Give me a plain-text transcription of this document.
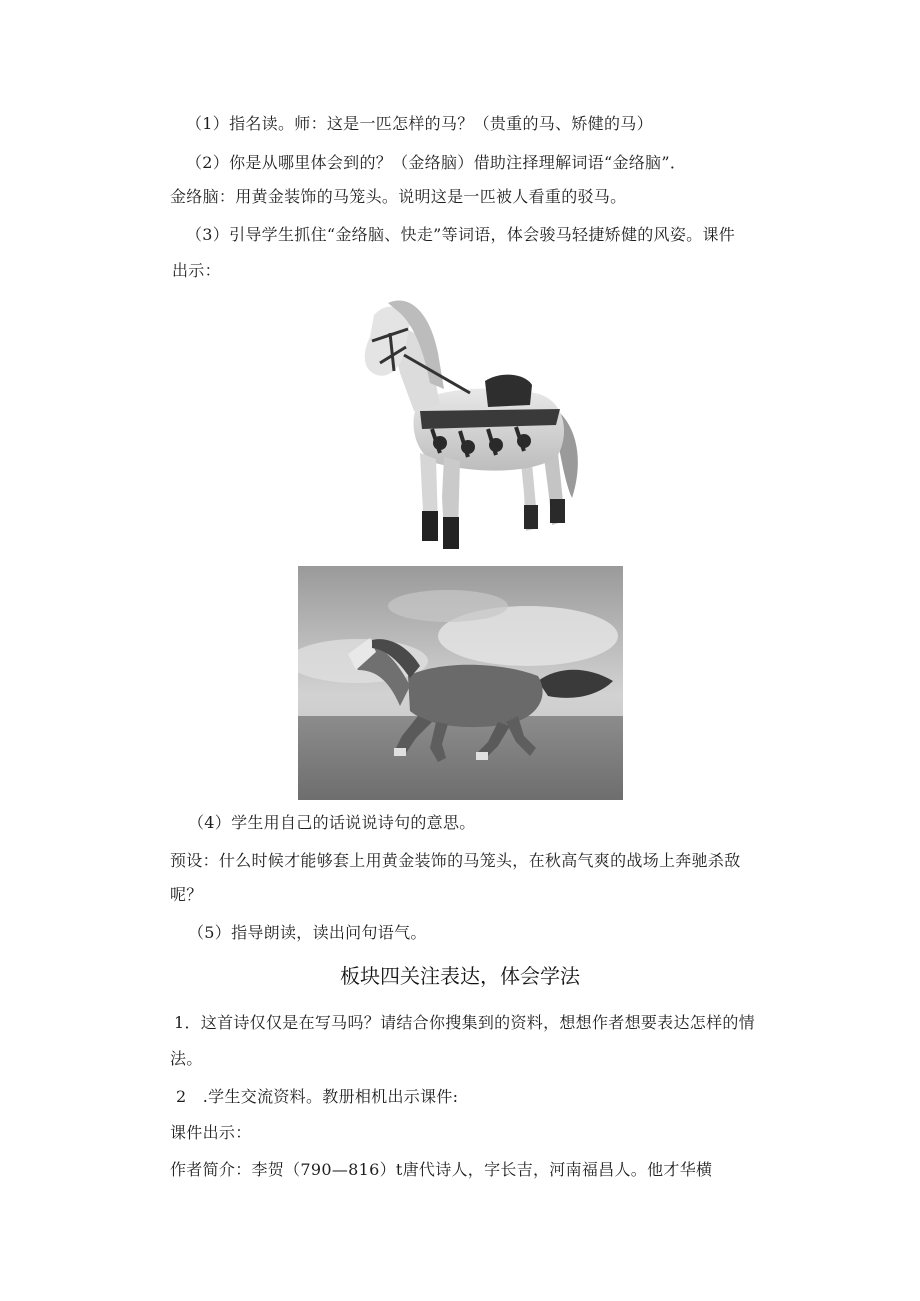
（1）指名读。师：这是一匹怎样的马？（贵重的马、矫健的马）
（2）你是从哪里体会到的？（金络脑）借助注择理解词语“金络脑”．
金络脑：用黄金装饰的马笼头。说明这是一匹被人看重的驳马。
（3）引导学生抓住“金络脑、快走”等词语，体会骏马轻捷矫健的风姿。课件
出示：
（4）学生用自己的话说说诗句的意思。
预设：什么时候才能够套上用黄金装饰的马笼头，在秋高气爽的战场上奔驰杀敌
呢？
（5）指导朗读，读出问句语气。
板块四关注表达，体会学法
1．这首诗仅仅是在写马吗？请结合你搜集到的资料，想想作者想要表达怎样的情
法。
2　.学生交流资料。教册相机出示课件:
课件出示：
作者简介：李贺（790—816）t唐代诗人，字长吉，河南福昌人。他才华横
